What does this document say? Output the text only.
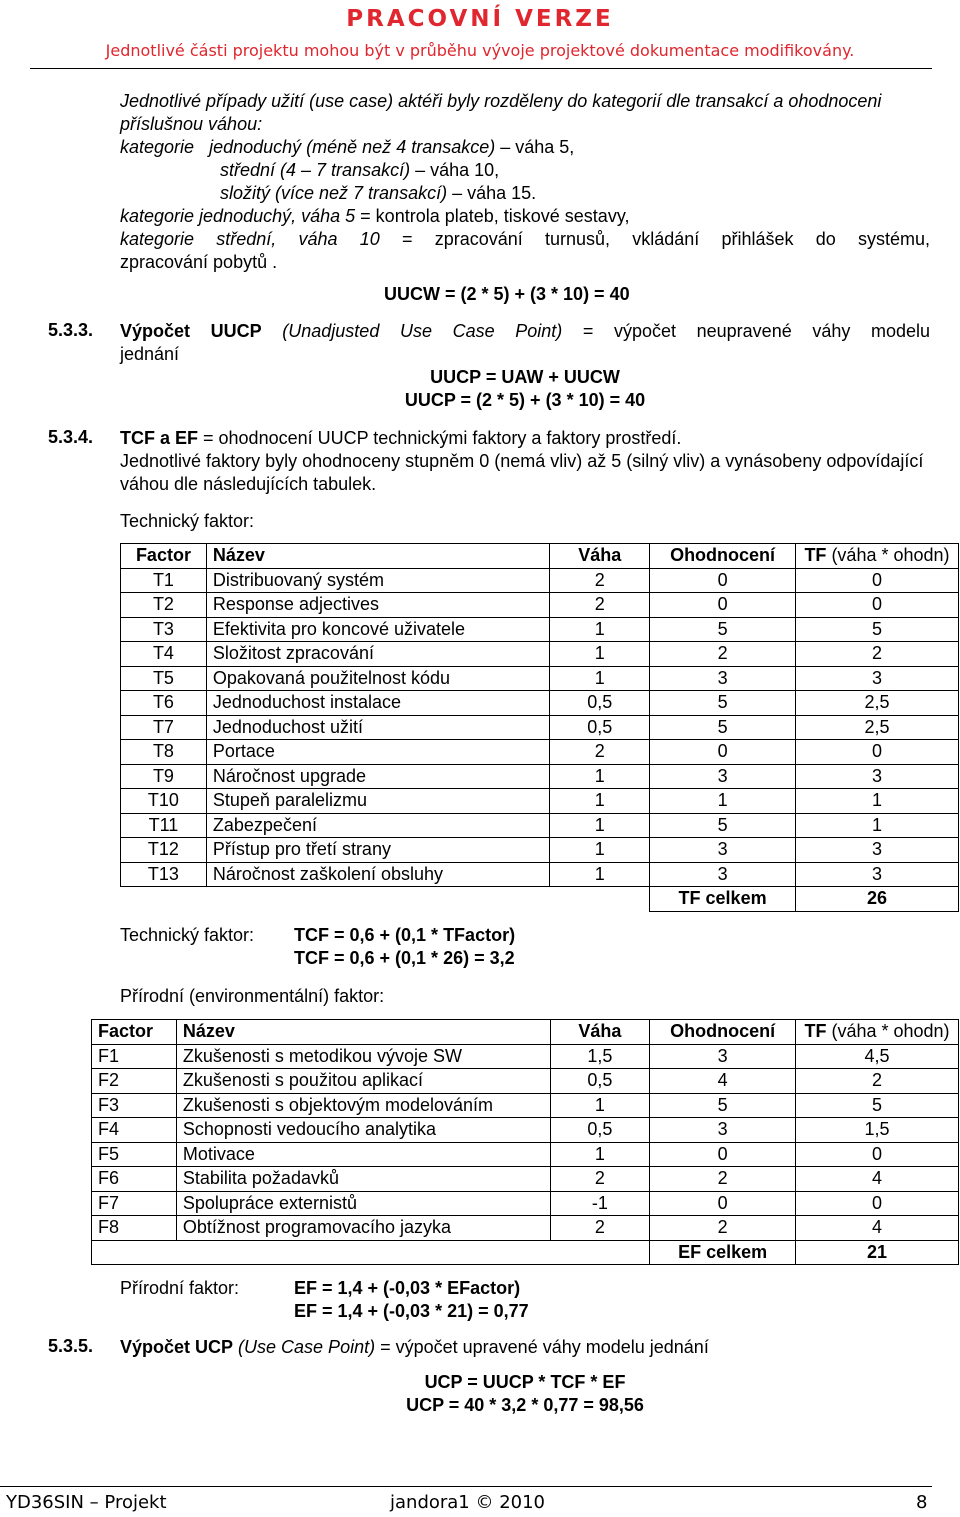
PRACOVNÍ VERZE
Jednotlivé části projektu mohou být v průběhu vývoje projektové dokumentace modifikovány.
Jednotlivé případy užití (use case) aktéři byly rozděleny do kategorií dle transakcí a ohodnoceni příslušnou váhou:
kategorie jednoduchý (méně než 4 transakce) – váha 5,
střední (4 – 7 transakcí) – váha 10,
složitý (více než 7 transakcí) – váha 15.
kategorie jednoduchý, váha 5 = kontrola plateb, tiskové sestavy,
kategorie střední, váha 10 = zpracování turnusů, vkládání přihlášek do systému,
zpracování pobytů .
UUCW = (2 * 5) + (3 * 10) = 40
5.3.3. Výpočet UUCP (Unadjusted Use Case Point) = výpočet neupravené váhy modelu
jednání
UUCP = UAW + UUCW
UUCP = (2 * 5) + (3 * 10) = 40
5.3.4. TCF a EF = ohodnocení UUCP technickými faktory a faktory prostředí.
Jednotlivé faktory byly ohodnoceny stupněm 0 (nemá vliv) až 5 (silný vliv) a vynásobeny odpovídající váhou dle následujících tabulek.
Technický faktor:
Factor	Název	Váha	Ohodnocení	TF (váha * ohodn)
T1	Distribuovaný systém	2	0	0
T2	Response adjectives	2	0	0
T3	Efektivita pro koncové uživatele	1	5	5
T4	Složitost zpracování	1	2	2
T5	Opakovaná použitelnost kódu	1	3	3
T6	Jednoduchost instalace	0,5	5	2,5
T7	Jednoduchost užití	0,5	5	2,5
T8	Portace	2	0	0
T9	Náročnost upgrade	1	3	3
T10	Stupeň paralelizmu	1	1	1
T11	Zabezpečení	1	5	1
T12	Přístup pro třetí strany	1	3	3
T13	Náročnost zaškolení obsluhy	1	3	3
			TF celkem	26
Technický faktor:	TCF = 0,6 + (0,1 * TFactor)
TCF = 0,6 + (0,1 * 26) = 3,2
Přírodní (environmentální) faktor:
Factor	Název	Váha	Ohodnocení	TF (váha * ohodn)
F1	Zkušenosti s metodikou vývoje SW	1,5	3	4,5
F2	Zkušenosti s použitou aplikací	0,5	4	2
F3	Zkušenosti s objektovým modelováním	1	5	5
F4	Schopnosti vedoucího analytika	0,5	3	1,5
F5	Motivace	1	0	0
F6	Stabilita požadavků	2	2	4
F7	Spolupráce externistů	-1	0	0
F8	Obtížnost programovacího jazyka	2	2	4
			EF celkem	21
Přírodní faktor:	EF = 1,4 + (-0,03 * EFactor)
EF = 1,4 + (-0,03 * 21) = 0,77
5.3.5. Výpočet UCP (Use Case Point) = výpočet upravené váhy modelu jednání
UCP = UUCP * TCF * EF
UCP = 40 * 3,2 * 0,77 = 98,56
YD36SIN – Projekt	jandora1 © 2010	8
